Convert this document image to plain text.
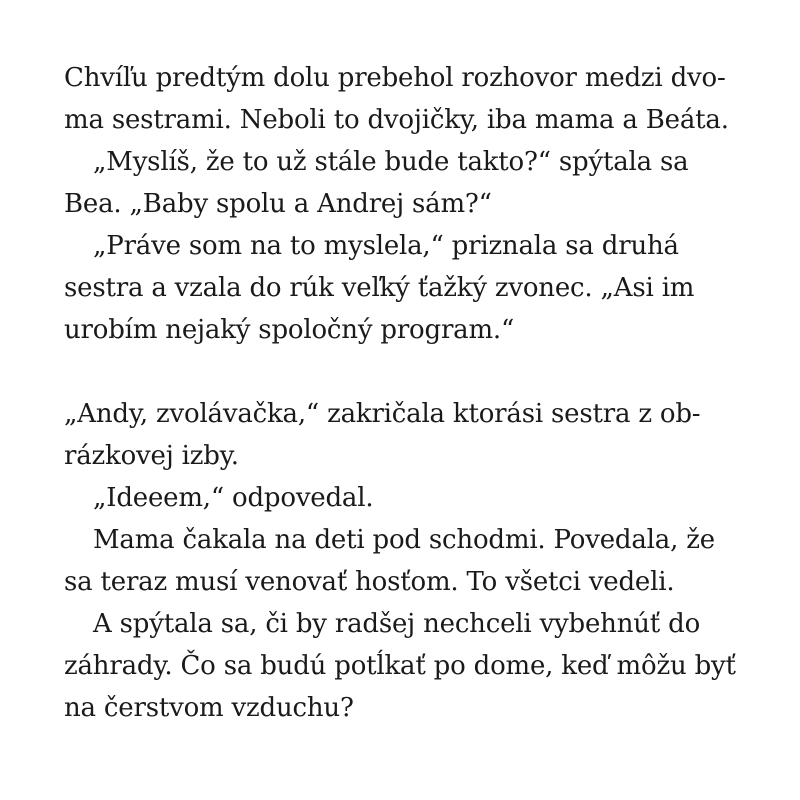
Chvíľu predtým dolu prebehol rozhovor medzi dvo-
ma sestrami. Neboli to dvojičky, iba mama a Beáta.
„Myslíš, že to už stále bude takto?“ spýtala sa
Bea. „Baby spolu a Andrej sám?“
„Práve som na to myslela,“ priznala sa druhá
sestra a vzala do rúk veľký ťažký zvonec. „Asi im
urobím nejaký spoločný program.“
„Andy, zvolávačka,“ zakričala ktorási sestra z ob-
rázkovej izby.
„Ideeem,“ odpovedal.
Mama čakala na deti pod schodmi. Povedala, že
sa teraz musí venovať hosťom. To všetci vedeli.
A spýtala sa, či by radšej nechceli vybehnúť do
záhrady. Čo sa budú potĺkať po dome, keď môžu byť
na čerstvom vzduchu?
